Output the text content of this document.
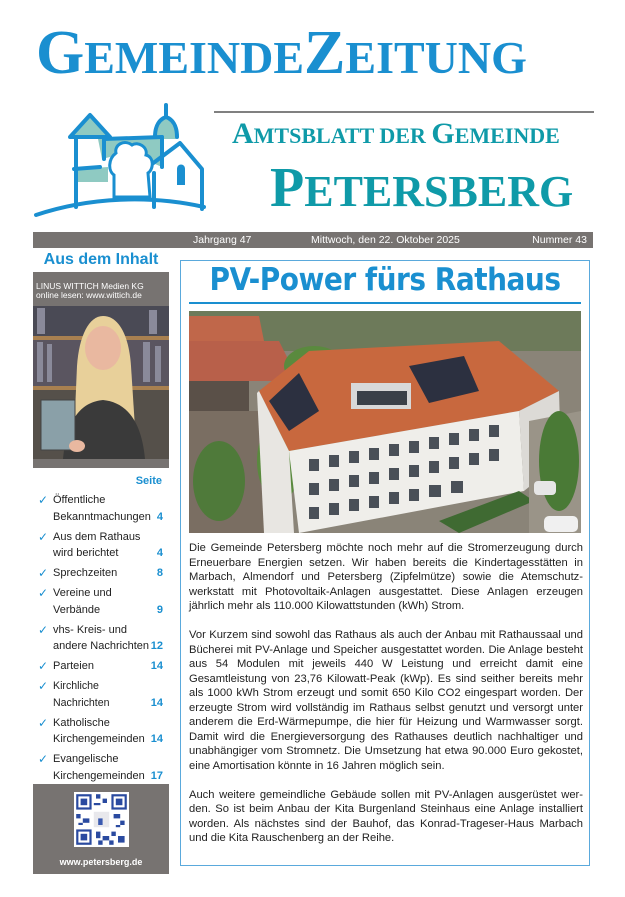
GEMEINDEZEITUNG
AMTSBLATT DER GEMEINDE
PETERSBERG
Jahrgang 47	Mittwoch, den 22. Oktober 2025	Nummer 43
Aus dem Inhalt
LINUS WITTICH Medien KG
online lesen: www.wittich.de
Seite
✓ Öffentliche Bekanntmachungen 4
✓ Aus dem Rathaus wird berichtet	4
✓ Sprechzeiten	8
✓ Vereine und Verbände	9
✓ vhs- Kreis- und andere Nachrichten 12
✓ Parteien	14
✓ Kirchliche Nachrichten	14
✓ Katholische Kirchengemeinden 14
✓ Evangelische Kirchengemeinden 17
www.petersberg.de
PV-Power fürs Rathaus

Die Gemeinde Petersberg möchte noch mehr auf die Stromerzeugung durch Erneuerbare Energien setzen. Wir haben bereits die Kindertagesstätten in Marbach, Almendorf und Petersberg (Zipfelmütze) sowie die Atemschutz-werkstatt mit Photovoltaik-Anlagen ausgestattet. Diese Anlagen erzeugen jährlich mehr als 110.000 Kilowattstunden (kWh) Strom.

Vor Kurzem sind sowohl das Rathaus als auch der Anbau mit Rathaussaal und Bücherei mit PV-Anlage und Speicher ausgestattet worden. Die Anlage besteht aus 54 Modulen mit jeweils 440 W Leistung und erreicht damit eine Gesamtleistung von 23,76 Kilowatt-Peak (kWp). Es sind seither bereits mehr als 1000 kWh Strom erzeugt und somit 650 Kilo CO2 eingespart worden. Der erzeugte Strom wird vollständig im Rathaus selbst genutzt und versorgt unter anderem die Erd-Wärmepumpe, die hier für Heizung und Warmwasser sorgt. Damit wird die Energieversorgung des Rathauses deutlich nachhaltiger und unabhängiger vom Stromnetz. Die Umsetzung hat etwa 90.000 Euro gekostet, eine Amortisation könnte in 16 Jahren möglich sein.

Auch weitere gemeindliche Gebäude sollen mit PV-Anlagen ausgerüstet wer-den. So ist beim Anbau der Kita Burgenland Steinhaus eine Anlage installiert worden. Als nächstes sind der Bauhof, das Konrad-Trageser-Haus Marbach und die Kita Rauschenberg an der Reihe.
